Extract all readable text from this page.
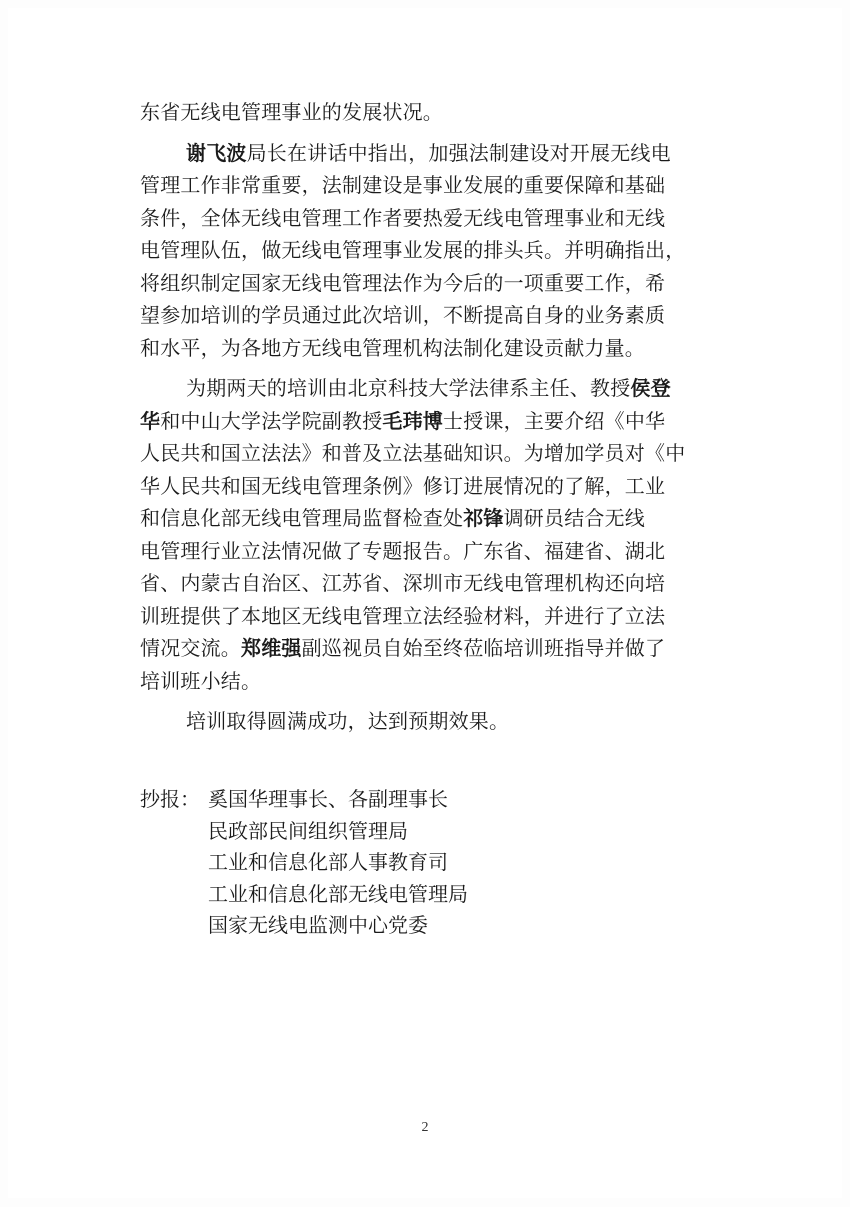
东省无线电管理事业的发展状况。
谢飞波局长在讲话中指出，加强法制建设对开展无线电
管理工作非常重要，法制建设是事业发展的重要保障和基础
条件，全体无线电管理工作者要热爱无线电管理事业和无线
电管理队伍，做无线电管理事业发展的排头兵。并明确指出，
将组织制定国家无线电管理法作为今后的一项重要工作，希
望参加培训的学员通过此次培训，不断提高自身的业务素质
和水平，为各地方无线电管理机构法制化建设贡献力量。
为期两天的培训由北京科技大学法律系主任、教授侯登
华和中山大学法学院副教授毛玮博士授课，主要介绍《中华
人民共和国立法法》和普及立法基础知识。为增加学员对《中
华人民共和国无线电管理条例》修订进展情况的了解，工业
和信息化部无线电管理局监督检查处祁锋调研员结合无线
电管理行业立法情况做了专题报告。广东省、福建省、湖北
省、内蒙古自治区、江苏省、深圳市无线电管理机构还向培
训班提供了本地区无线电管理立法经验材料，并进行了立法
情况交流。郑维强副巡视员自始至终莅临培训班指导并做了
培训班小结。
培训取得圆满成功，达到预期效果。
抄报： 奚国华理事长、各副理事长
民政部民间组织管理局
工业和信息化部人事教育司
工业和信息化部无线电管理局
国家无线电监测中心党委
2
